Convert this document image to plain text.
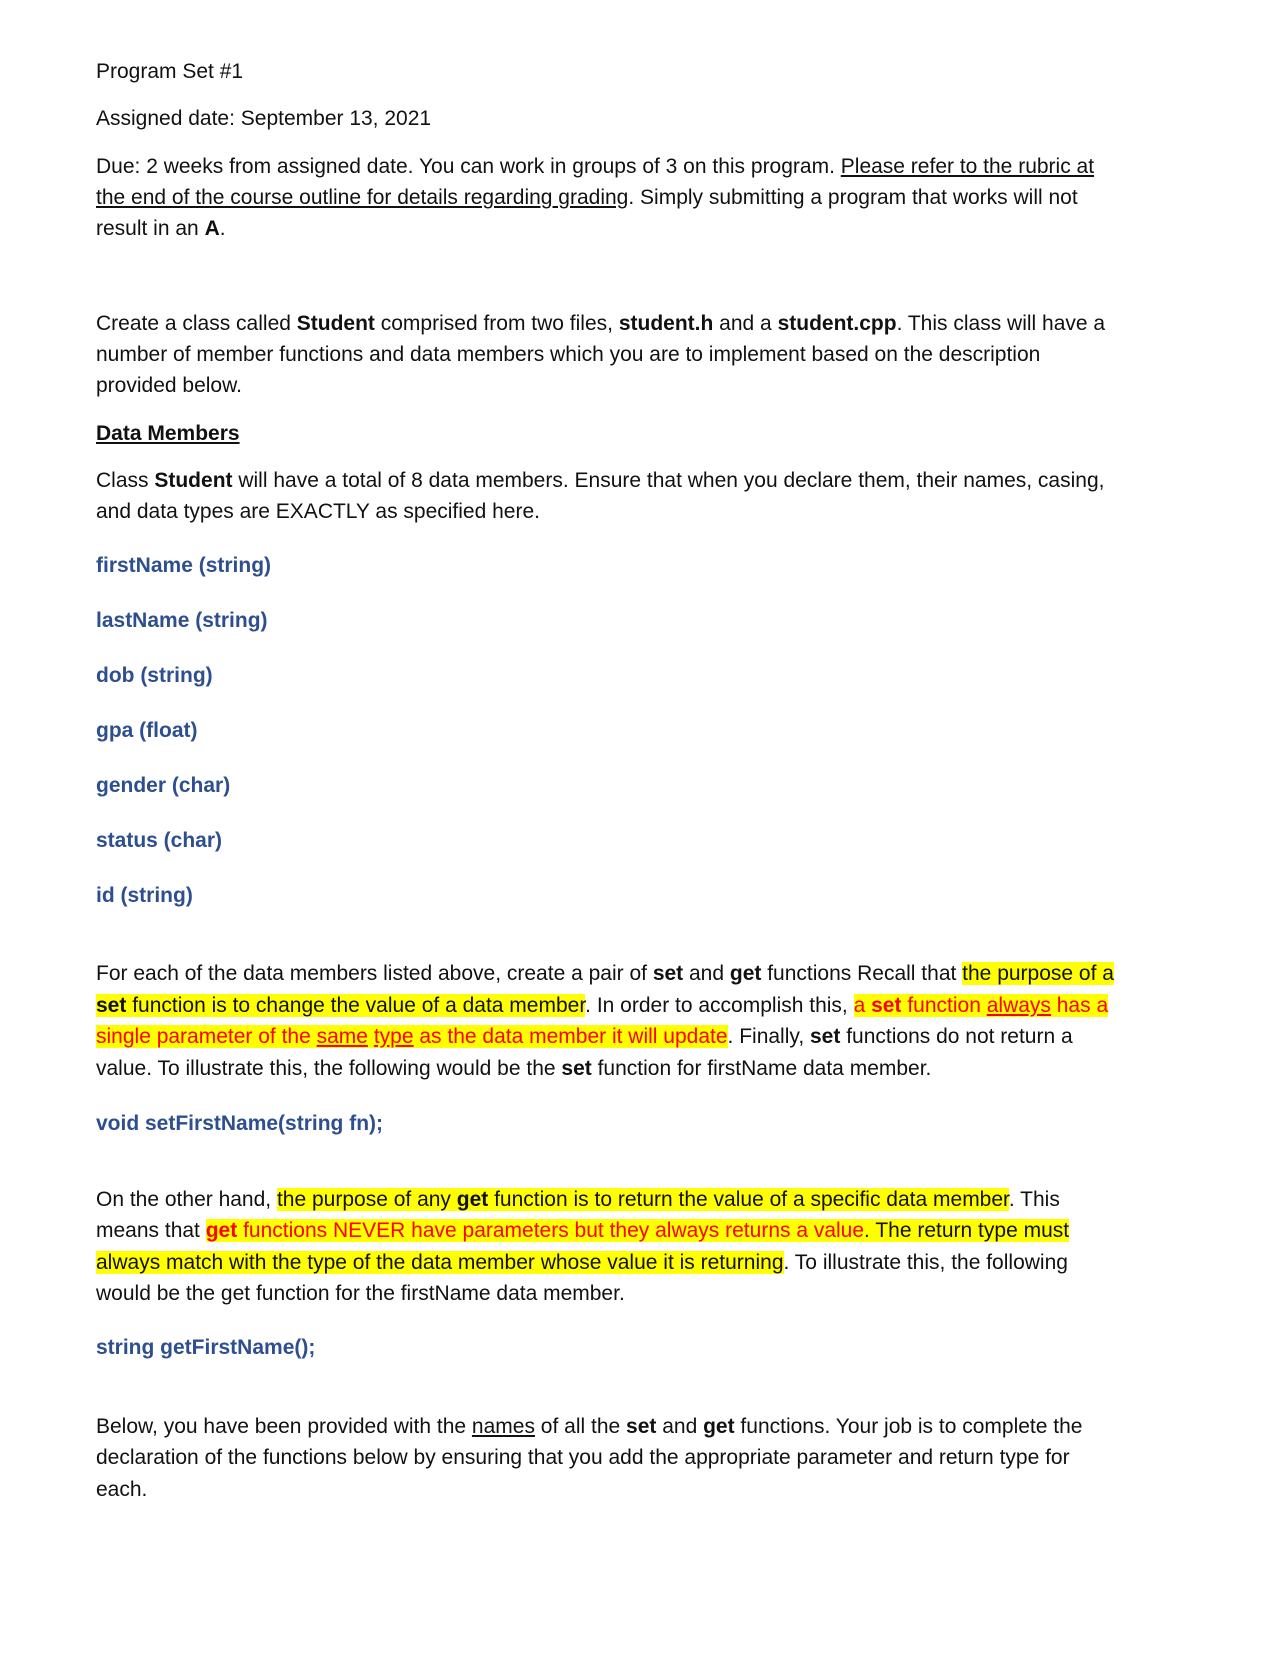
Program Set #1
Assigned date: September 13, 2021
Due: 2 weeks from assigned date. You can work in groups of 3 on this program. Please refer to the rubric at
the end of the course outline for details regarding grading. Simply submitting a program that works will not
result in an A.
Create a class called Student comprised from two files, student.h and a student.cpp. This class will have a
number of member functions and data members which you are to implement based on the description
provided below.
Data Members
Class Student will have a total of 8 data members. Ensure that when you declare them, their names, casing,
and data types are EXACTLY as specified here.
firstName (string)
lastName (string)
dob (string)
gpa (float)
gender (char)
status (char)
id (string)
For each of the data members listed above, create a pair of set and get functions Recall that the purpose of a
set function is to change the value of a data member. In order to accomplish this, a set function always has a
single parameter of the same type as the data member it will update. Finally, set functions do not return a
value. To illustrate this, the following would be the set function for firstName data member.
void setFirstName(string fn);
On the other hand, the purpose of any get function is to return the value of a specific data member. This
means that get functions NEVER have parameters but they always returns a value. The return type must
always match with the type of the data member whose value it is returning. To illustrate this, the following
would be the get function for the firstName data member.
string getFirstName();
Below, you have been provided with the names of all the set and get functions. Your job is to complete the
declaration of the functions below by ensuring that you add the appropriate parameter and return type for
each.
